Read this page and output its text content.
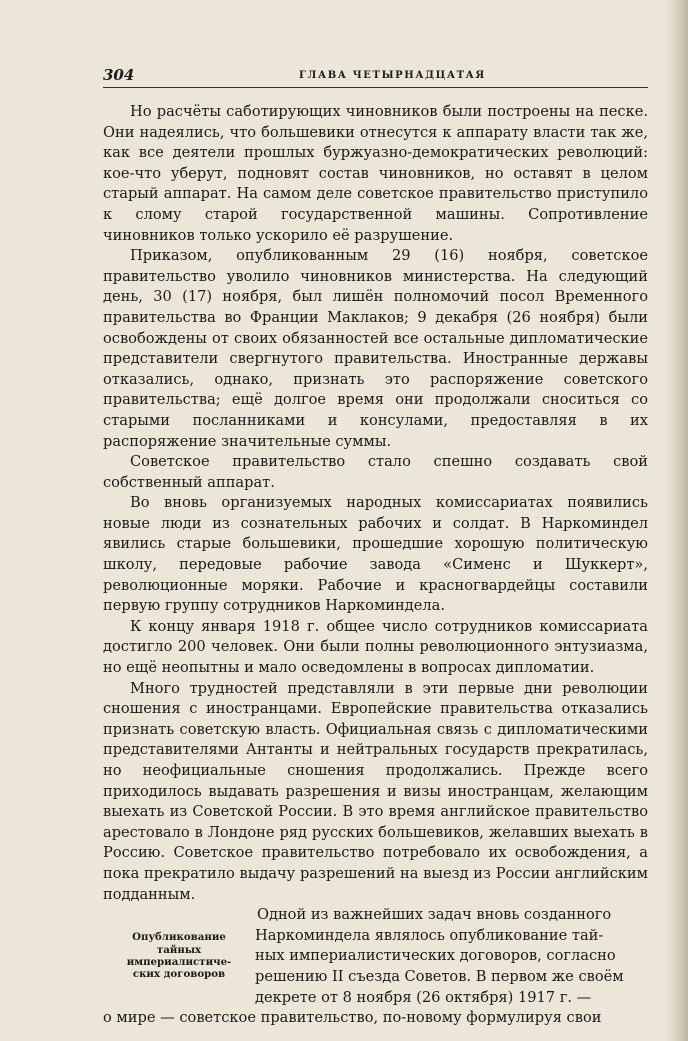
304	ГЛАВА ЧЕТЫРНАДЦАТАЯ

Но расчёты саботирующих чиновников были построены на песке. Они надеялись, что большевики отнесутся к аппарату власти так же, как все деятели прошлых буржуазно-демократических революций: кое-что уберут, подновят состав чиновников, но оставят в целом старый аппарат. На самом деле советское правительство приступило к слому старой государственной машины. Сопротивление чиновников только ускорило её разрушение.

Приказом, опубликованным 29 (16) ноября, советское правительство уволило чиновников министерства. На следующий день, 30 (17) ноября, был лишён полномочий посол Временного правительства во Франции Маклаков; 9 декабря (26 ноября) были освобождены от своих обязанностей все остальные дипломатические представители свергнутого правительства. Иностранные державы отказались, однако, признать это распоряжение советского правительства; ещё долгое время они продолжали сноситься со старыми посланниками и консулами, предоставляя в их распоряжение значительные суммы.

Советское правительство стало спешно создавать свой собственный аппарат.

Во вновь организуемых народных комиссариатах появились новые люди из сознательных рабочих и солдат. В Наркоминдел явились старые большевики, прошедшие хорошую политическую школу, передовые рабочие завода «Сименс и Шуккерт», революционные моряки. Рабочие и красногвардейцы составили первую группу сотрудников Наркоминдела.

К концу января 1918 г. общее число сотрудников комиссариата достигло 200 человек. Они были полны революционного энтузиазма, но ещё неопытны и мало осведомлены в вопросах дипломатии.

Много трудностей представляли в эти первые дни революции сношения с иностранцами. Европейские правительства отказались признать советскую власть. Официальная связь с дипломатическими представителями Антанты и нейтральных государств прекратилась, но неофициальные сношения продолжались. Прежде всего приходилось выдавать разрешения и визы иностранцам, желающим выехать из Советской России. В это время английское правительство арестовало в Лондоне ряд русских большевиков, желавших выехать в Россию. Советское правительство потребовало их освобождения, а пока прекратило выдачу разрешений на выезд из России английским подданным.

Опубликование
тайных
империалистиче-
ских договоров
Одной из важнейших задач вновь созданного
Наркоминдела являлось опубликование тай-
ных империалистических договоров, согласно
решению II съезда Советов. В первом же своём
декрете от 8 ноября (26 октября) 1917 г. —

о мире — советское правительство, по-новому формулируя свои
